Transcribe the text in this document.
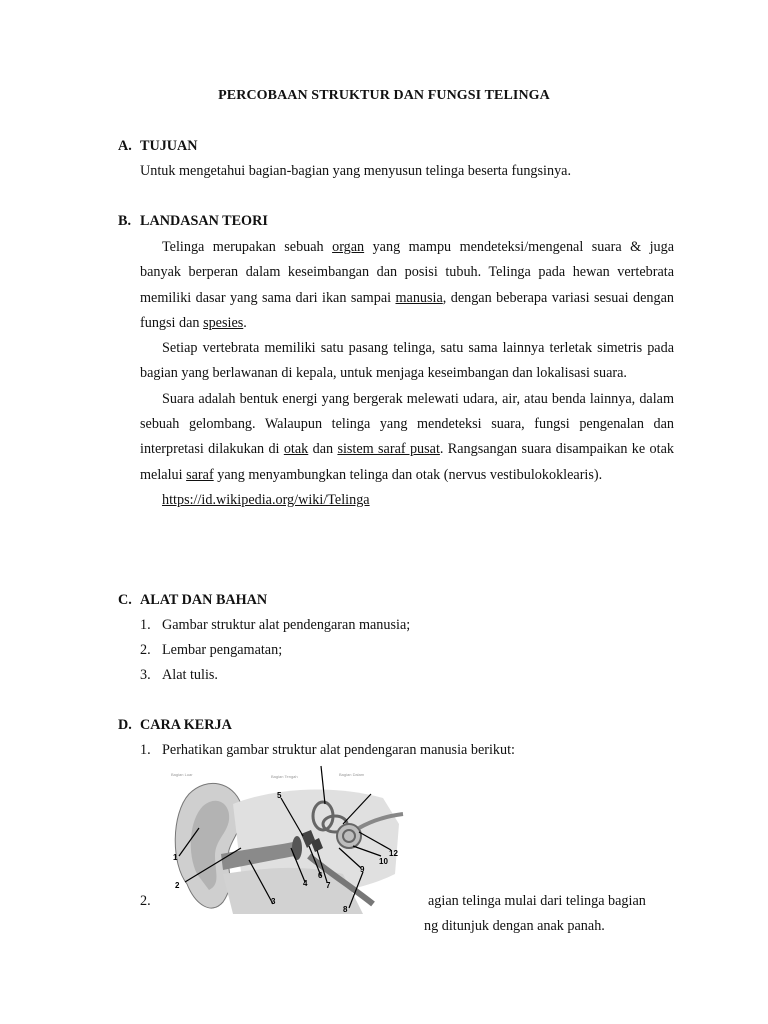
PERCOBAAN STRUKTUR DAN FUNGSI TELINGA
A. TUJUAN
Untuk mengetahui bagian-bagian yang menyusun telinga beserta fungsinya.
B. LANDASAN TEORI

Telinga merupakan sebuah organ yang mampu mendeteksi/mengenal suara & juga banyak berperan dalam keseimbangan dan posisi tubuh. Telinga pada hewan vertebrata memiliki dasar yang sama dari ikan sampai manusia, dengan beberapa variasi sesuai dengan fungsi dan spesies.

Setiap vertebrata memiliki satu pasang telinga, satu sama lainnya terletak simetris pada bagian yang berlawanan di kepala, untuk menjaga keseimbangan dan lokalisasi suara.

Suara adalah bentuk energi yang bergerak melewati udara, air, atau benda lainnya, dalam sebuah gelombang. Walaupun telinga yang mendeteksi suara, fungsi pengenalan dan interpretasi dilakukan di otak dan sistem saraf pusat. Rangsangan suara disampaikan ke otak melalui saraf yang menyambungkan telinga dan otak (nervus vestibulokoklearis).

https://id.wikipedia.org/wiki/Telinga

C. ALAT DAN BAHAN
1. Gambar struktur alat pendengaran manusia;
2. Lembar pengamatan;
3. Alat tulis.
D. CARA KERJA
1. Perhatikan gambar struktur alat pendengaran manusia berikut:
2.	agian telinga mulai dari telinga bagian
ng ditunjuk dengan anak panah.
1
2
3
4
5
6
7
8
9
10
12
Bagian Luar	Bagian Tengah	Bagian Dalam
